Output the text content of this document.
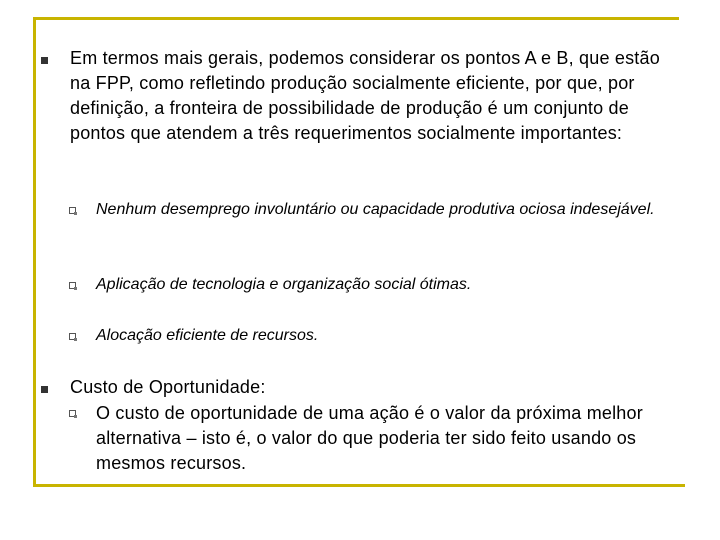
Em termos mais gerais, podemos considerar os pontos A e B, que estão na FPP, como refletindo produção socialmente eficiente, por que, por definição, a fronteira de possibilidade de produção é um conjunto de pontos que atendem a três requerimentos socialmente importantes:
Nenhum desemprego involuntário ou capacidade produtiva ociosa indesejável.
Aplicação de tecnologia e organização social ótimas.
Alocação eficiente de recursos.
Custo de Oportunidade:
O custo de oportunidade de uma ação é o valor da próxima melhor alternativa – isto é, o valor do que poderia ter sido feito usando os mesmos recursos.
